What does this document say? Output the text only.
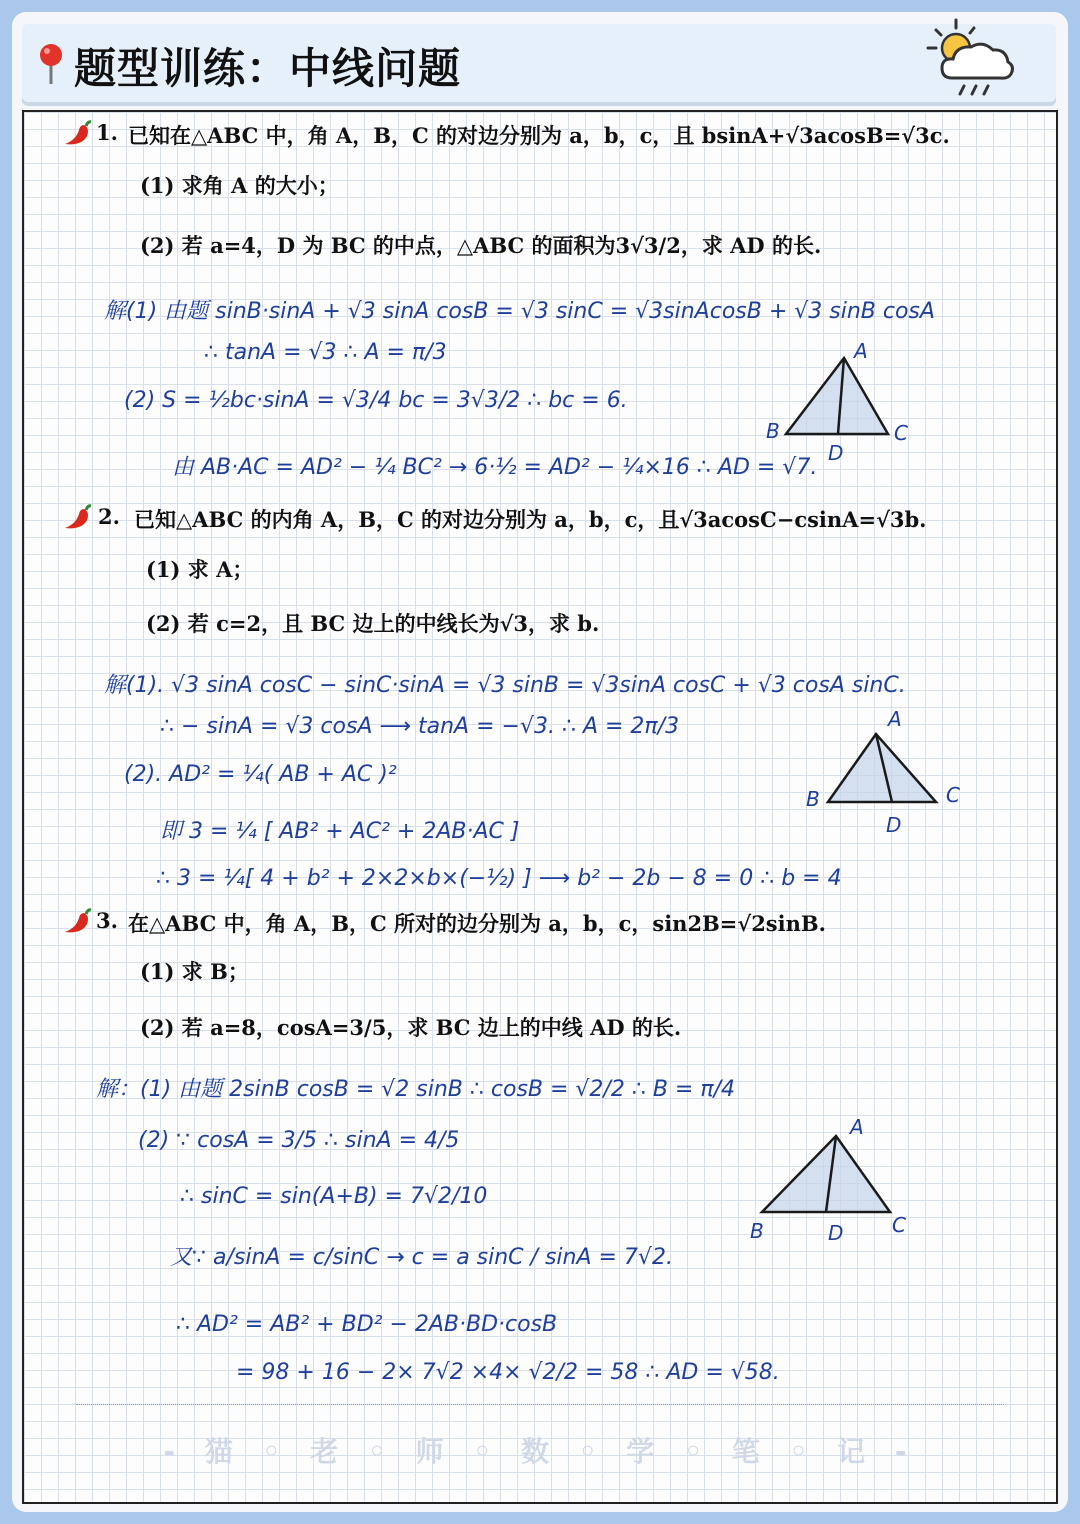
题型训练：中线问题
1. 已知在△ABC 中，角 A，B，C 的对边分别为 a，b，c，且 bsinA+√3acosB=√3c.
(1) 求角 A 的大小；
(2) 若 a=4，D 为 BC 的中点，△ABC 的面积为3√3/2，求 AD 的长.
解(1) 由题 sinB·sinA + √3 sinA cosB = √3 sinC = √3sinAcosB + √3 sinB cosA
∴ tanA = √3 ∴ A = π/3
(2) S = ½bc·sinA = √3/4 bc = 3√3/2 ∴ bc = 6.
由 AB·AC = AD² − ¼ BC² → 6·½ = AD² − ¼×16 ∴ AD = √7.
A
B	C
D
2. 已知△ABC 的内角 A，B，C 的对边分别为 a，b，c，且√3acosC−csinA=√3b.
(1) 求 A；
(2) 若 c=2，且 BC 边上的中线长为√3，求 b.
解(1). √3 sinA cosC − sinC·sinA = √3 sinB = √3sinA cosC + √3 cosA sinC.
∴ − sinA = √3 cosA ⟶ tanA = −√3. ∴ A = 2π/3
(2). AD² = ¼( AB + AC )²
即 3 = ¼ [ AB² + AC² + 2AB·AC ]
∴ 3 = ¼[ 4 + b² + 2×2×b×(−½) ] ⟶ b² − 2b − 8 = 0 ∴ b = 4
A
B	C
D
3. 在△ABC 中，角 A，B，C 所对的边分别为 a，b，c，sin2B=√2sinB.
(1) 求 B；
(2) 若 a=8，cosA=3/5，求 BC 边上的中线 AD 的长.
解：(1) 由题 2sinB cosB = √2 sinB ∴ cosB = √2/2 ∴ B = π/4
(2) ∵ cosA = 3/5 ∴ sinA = 4/5
∴ sinC = sin(A+B) = 7√2/10
又∵ a/sinA = c/sinC → c = a sinC / sinA = 7√2.
∴ AD² = AB² + BD² − 2AB·BD·cosB
= 98 + 16 − 2× 7√2 ×4× √2/2 = 58 ∴ AD = √58.
A
B	C
D
- 猫 ◦ 老 ◦ 师 ◦ 数 ◦ 学 ◦ 笔 ◦ 记 -
